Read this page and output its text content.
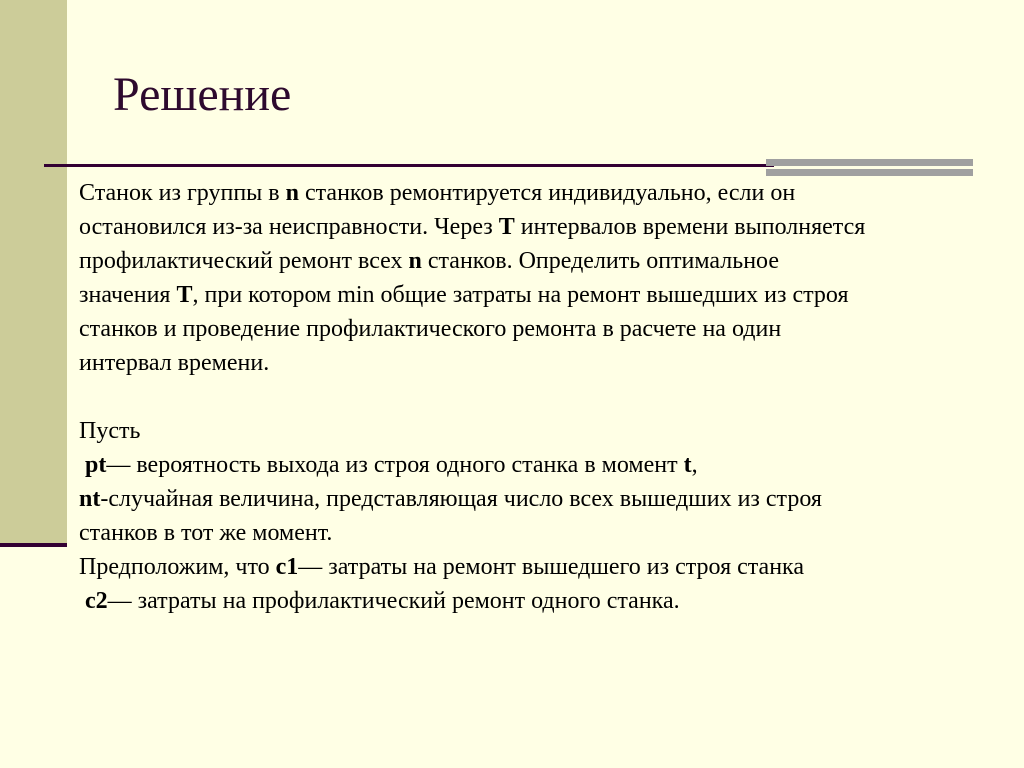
Решение
Станок из группы в n станков ремонтируется индивидуально, если он
остановился из-за неисправности. Через T интервалов времени выполняется
профилактический ремонт всех n станков. Определить оптимальное
значения T, при котором min общие затраты на ремонт вышедших из строя
станков и проведение профилактического ремонта в расчете на один
интервал времени.
Пусть
pt— вероятность выхода из строя одного станка в момент t,
nt-случайная величина, представляющая число всех вышедших из строя
станков в тот же момент.
Предположим, что c1— затраты на ремонт вышедшего из строя станка
c2— затраты на профилактический ремонт одного станка.
